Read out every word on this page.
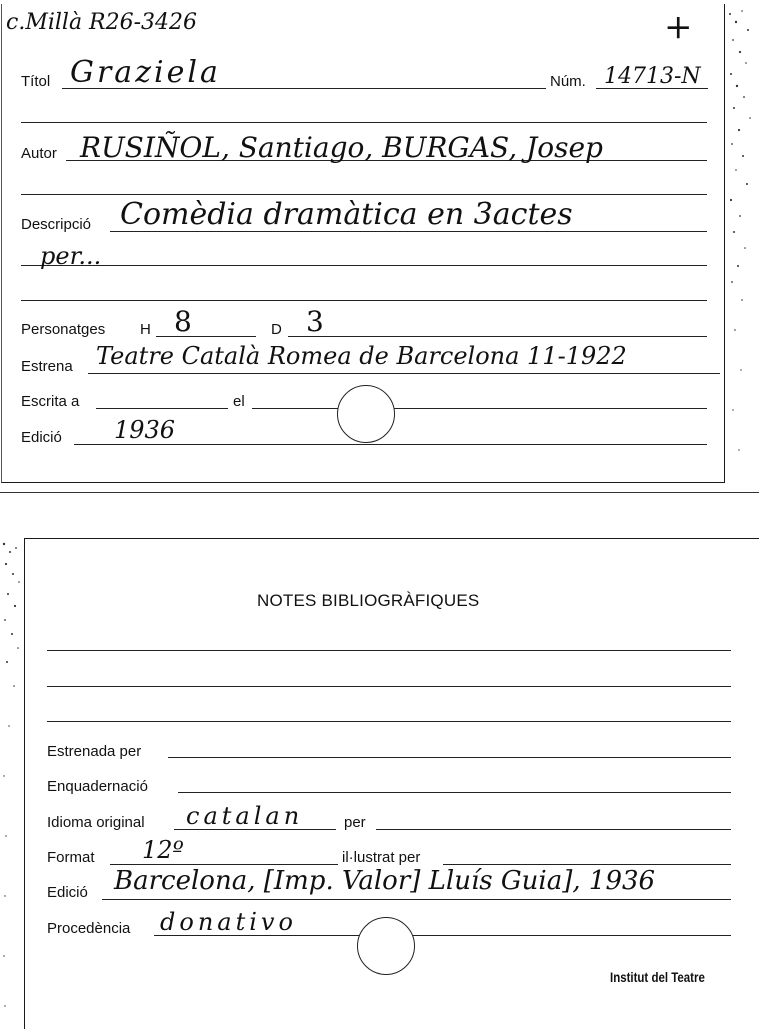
c.Millà R26-3426	+
Títol Graziela	Núm. 14713-N
Autor RUSIÑOL, Santiago, BURGAS, Josep
Descripció Comèdia dramàtica en 3actes
per...
Personatges H 8	D 3
Estrena Teatre Català Romea de Barcelona 11-1922
Escrita a	el
Edició 1936
NOTES BIBLIOGRÀFIQUES
Estrenada per
Enquadernació
Idioma original catalan	per
Format 12º	il·lustrat per
Edició Barcelona, [Imp. Valor] Lluís Guia], 1936
Procedència donativo
Institut del Teatre
